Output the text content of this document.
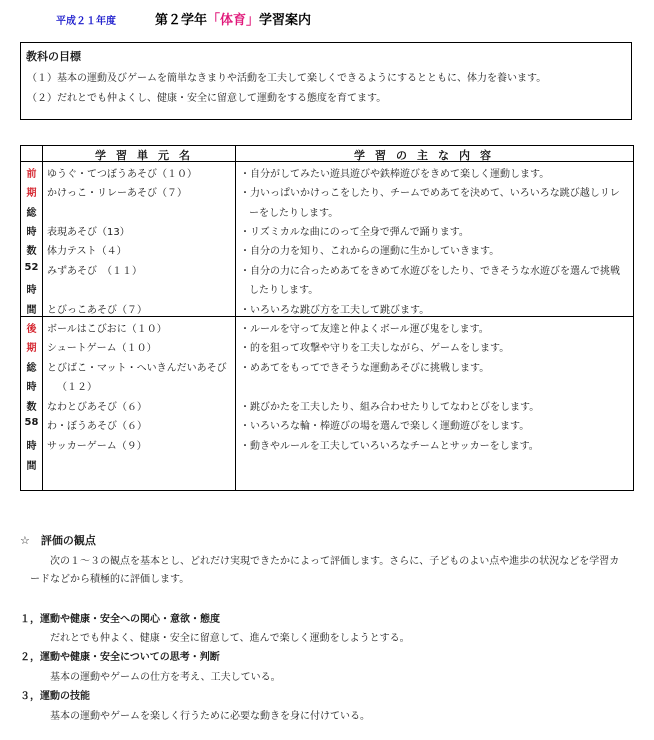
平成２１年度	第２学年「体育」学習案内
教科の目標
（１）基本の運動及びゲームを簡単なきまりや活動を工夫して楽しくできるようにするとともに、体力を養います。
（２）だれとでも仲よくし、健康・安全に留意して運動をする態度を育てます。
学習単元名	学習の主な内容
前
期
総
時
数
52
時
間
ゆうぐ・てつぼうあそび（１０）	・自分がしてみたい遊具遊びや鉄棒遊びをきめて楽しく運動します。
かけっこ・リレーあそび（７）	・力いっぱいかけっこをしたり、チームでめあてを決めて、いろいろな跳び越しリレ
ーをしたりします。
表現あそび（13）	・リズミカルな曲にのって全身で弾んで踊ります。
体力テスト（４）	・自分の力を知り、これからの運動に生かしていきます。
みずあそび　（１１）	・自分の力に合っためあてをきめて水遊びをしたり、できそうな水遊びを選んで挑戦
したりします。
とびっこあそび（７）	・いろいろな跳び方を工夫して跳びます。
後
期
総
時
数
58
時
間
ボールはこびおに（１０）	・ルールを守って友達と仲よくボール運び鬼をします。
シュートゲーム（１０）	・的を狙って攻撃や守りを工夫しながら、ゲームをします。
とびばこ・マット・へいきんだいあそび
（１２）
・めあてをもってできそうな運動あそびに挑戦します。
なわとびあそび（６）	・跳びかたを工夫したり、組み合わせたりしてなわとびをします。
わ・ぼうあそび（６）	・いろいろな輪・棒遊びの場を選んで楽しく運動遊びをします。
サッカーゲーム（９）	・動きやルールを工夫していろいろなチームとサッカーをします。
☆　評価の観点
次の１～３の観点を基本とし、どれだけ実現できたかによって評価します。さらに、子どものよい点や進歩の状況などを学習カ
ードなどから積極的に評価します。
１，運動や健康・安全への関心・意欲・態度
だれとでも仲よく、健康・安全に留意して、進んで楽しく運動をしようとする。
２，運動や健康・安全についての思考・判断
基本の運動やゲームの仕方を考え、工夫している。
３，運動の技能
基本の運動やゲームを楽しく行うために必要な動きを身に付けている。
